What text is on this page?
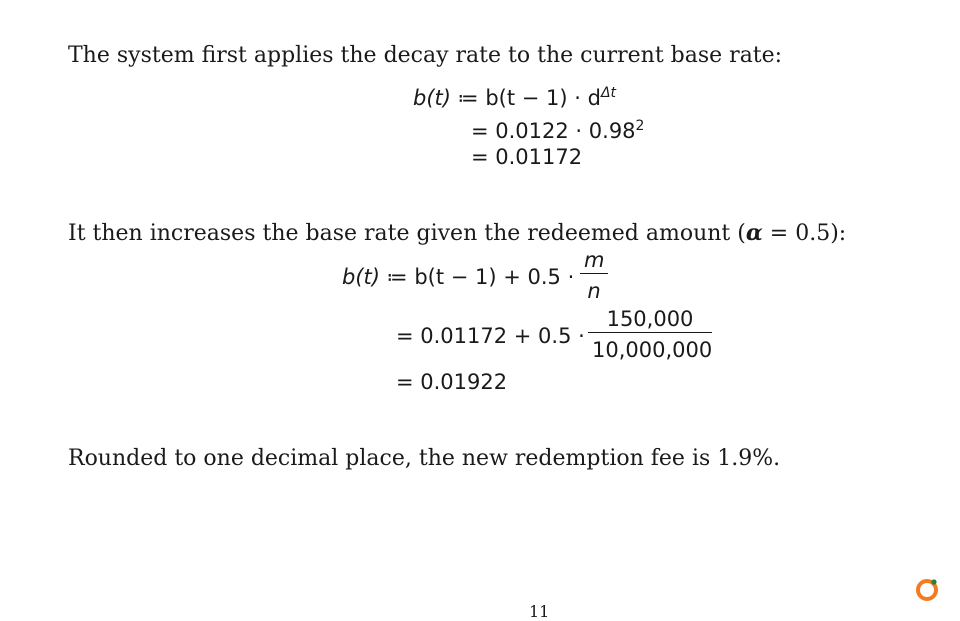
The system first applies the decay rate to the current base rate:

b(t) ≔ $b(t - 1) \cdot d^{\Delta t}$
= $0.0122 \cdot 0.98^2$
= 0.01172

It then increases the base rate given the redeemed amount (α = 0.5):

b(t) ≔ $b(t - 1) + 0.5 \cdot \frac{m}{n}$
= $0.01172 + 0.5 \cdot \frac{150,000}{10,000,000}$
= 0.01922

Rounded to one decimal place, the new redemption fee is 1.9%.

11
